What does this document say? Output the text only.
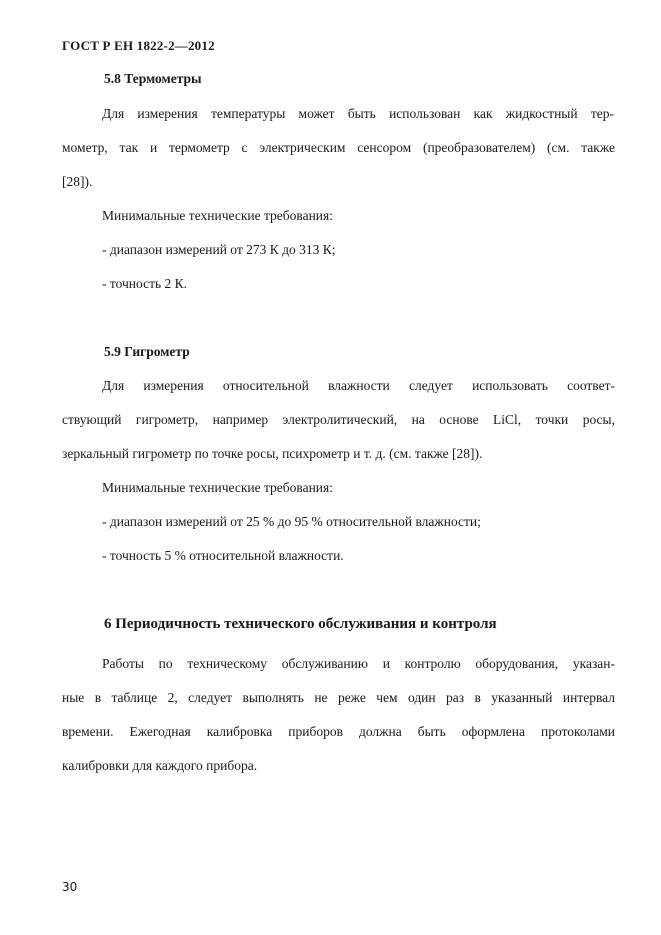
ГОСТ Р ЕН 1822-2—2012
5.8 Термометры
Для измерения температуры может быть использован как жидкостный тер-
мометр, так и термометр с электрическим сенсором (преобразователем) (см. также
[28]).
Минимальные технические требования:
- диапазон измерений от 273 К до 313 К;
- точность 2 К.
5.9 Гигрометр
Для измерения относительной влажности следует использовать соответ-
ствующий гигрометр, например электролитический, на основе LiCl, точки росы,
зеркальный гигрометр по точке росы, психрометр и т. д. (см. также [28]).
Минимальные технические требования:
- диапазон измерений от 25 % до 95 % относительной влажности;
- точность 5 % относительной влажности.
6 Периодичность технического обслуживания и контроля
Работы по техническому обслуживанию и контролю оборудования, указан-
ные в таблице 2, следует выполнять не реже чем один раз в указанный интервал
времени. Ежегодная калибровка приборов должна быть оформлена протоколами
калибровки для каждого прибора.
30
